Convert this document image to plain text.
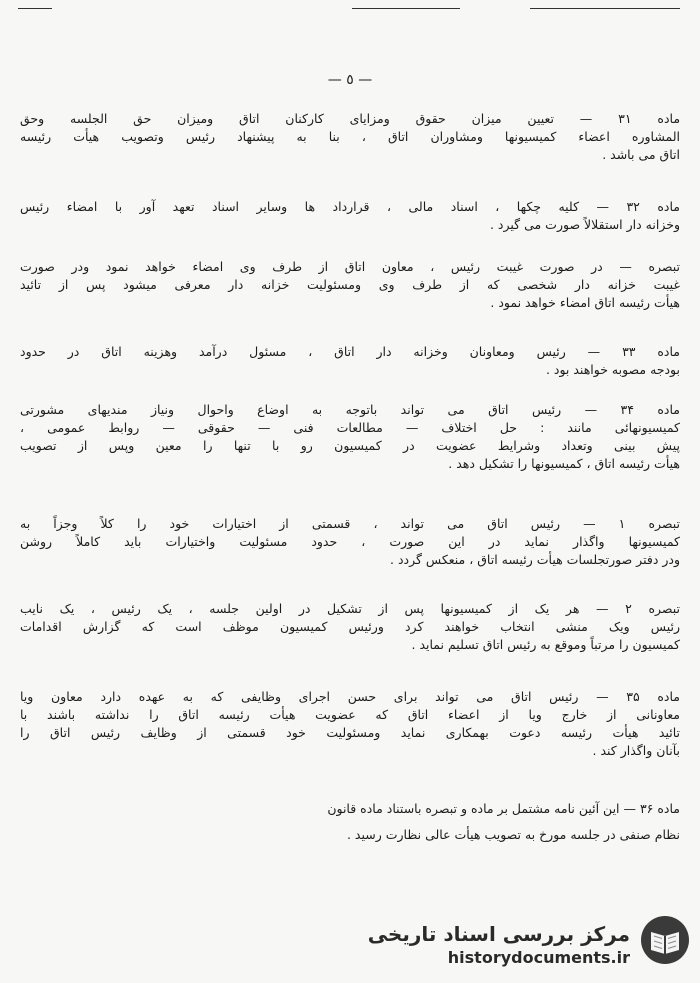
— ٥ —
ماده ۳۱ — تعیین میزان حقوق ومزایای کارکنان اتاق ومیزان حق الجلسه وحق
المشاوره اعضاء کمیسیونها ومشاوران اتاق ، بنا به پیشنهاد رئیس وتصویب هیأت رئیسه
اتاق می باشد .
ماده ۳۲ — کلیه چکها ، اسناد مالی ، قرارداد ها وسایر اسناد تعهد آور با امضاء رئیس
وخزانه دار استقلالاً صورت می گیرد .
تبصره — در صورت غیبت رئیس ، معاون اتاق از طرف وی امضاء خواهد نمود ودر صورت
غیبت خزانه دار شخصی که از طرف وی ومسئولیت خزانه دار معرفی میشود پس از تائید
هیأت رئیسه اتاق امضاء خواهد نمود .
ماده ۳۳ — رئیس ومعاونان وخزانه دار اتاق ، مسئول درآمد وهزینه اتاق در حدود
بودجه مصوبه خواهند بود .
ماده ۳۴ — رئیس اتاق می تواند باتوجه به اوضاع واحوال ونیاز مندیهای مشورتی
کمیسیونهائی مانند : حل اختلاف — مطالعات فنی — حقوقی — روابط عمومی ،
پیش بینی وتعداد وشرایط عضویت در کمیسیون رو با تنها را معین وپس از تصویب
هیأت رئیسه اتاق ، کمیسیونها را تشکیل دهد .
تبصره ۱ — رئیس اتاق می تواند ، قسمتی از اختیارات خود را کلاً وجزاً به
کمیسیونها واگذار نماید در این صورت ، حدود مسئولیت واختیارات باید کاملاً روشن
ودر دفتر صورتجلسات هیأت رئیسه اتاق ، منعکس گردد .
تبصره ۲ — هر یک از کمیسیونها پس از تشکیل در اولین جلسه ، یک رئیس ، یک نایب
رئیس ویک منشی انتخاب خواهند کرد ورئیس کمیسیون موظف است که گزارش اقدامات
کمیسیون را مرتباً وموقع به رئیس اتاق تسلیم نماید .
ماده ۳۵ — رئیس اتاق می تواند برای حسن اجرای وظایفی که به عهده دارد معاون ویا
معاونانی از خارج ویا از اعضاء اتاق که عضویت هیأت رئیسه اتاق را نداشته باشند با
تائید هیأت رئیسه دعوت بهمکاری نماید ومسئولیت خود قسمتی از وظایف رئیس اتاق را
بآنان واگذار کند .
ماده ۳۶ — این آئین نامه مشتمل بر ماده و تبصره باستناد ماده قانون
نظام صنفی در جلسه مورخ به تصویب هیأت عالی نظارت رسید .
مرکز بررسی اسناد تاریخی
historydocuments.ir
